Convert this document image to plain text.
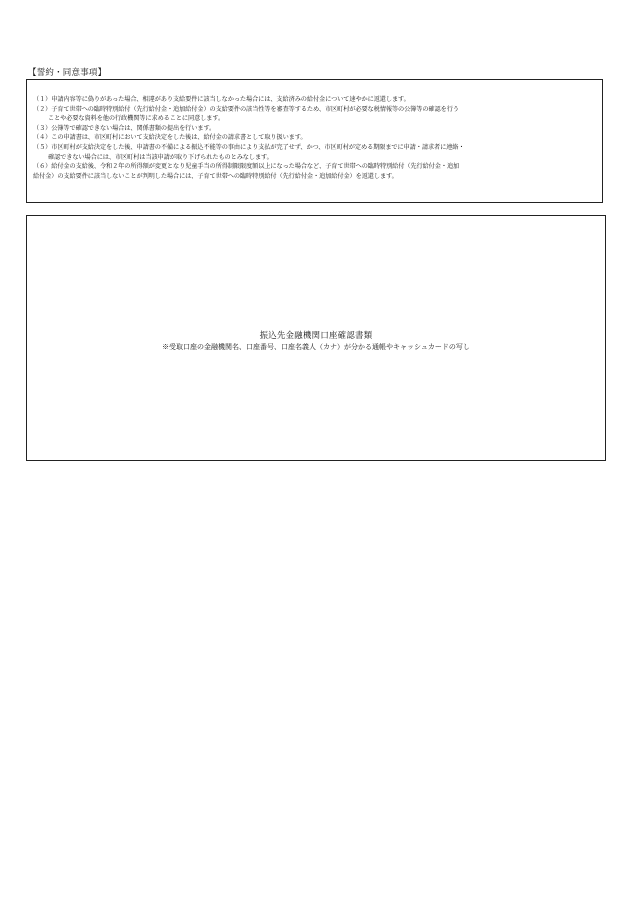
【誓約・同意事項】
（１）申請内容等に偽りがあった場合、相違があり支給要件に該当しなかった場合には、支給済みの給付金について速やかに返還します。
（２）子育て世帯への臨時特別給付（先行給付金・追加給付金）の支給要件の該当性等を審査等するため、市区町村が必要な税情報等の公簿等の確認を行う
ことや必要な資料を他の行政機関等に求めることに同意します。
（３）公簿等で確認できない場合は、関係書類の提出を行います。
（４）この申請書は、市区町村において支給決定をした後は、給付金の請求書として取り扱います。
（５）市区町村が支給決定をした後、申請書の不備による振込不能等の事由により支払が完了せず、かつ、市区町村が定める期限までに申請・請求者に連絡・
確認できない場合には、市区町村は当該申請が取り下げられたものとみなします。
（６）給付金の支給後、令和２年の所得額が変更となり児童手当の所得制限限度額以上になった場合など、子育て世帯への臨時特別給付（先行給付金・追加
給付金）の支給要件に該当しないことが判明した場合には、子育て世帯への臨時特別給付（先行給付金・追加給付金）を返還します。
振込先金融機関口座確認書類
※受取口座の金融機関名、口座番号、口座名義人（カナ）が分かる通帳やキャッシュカードの写し
